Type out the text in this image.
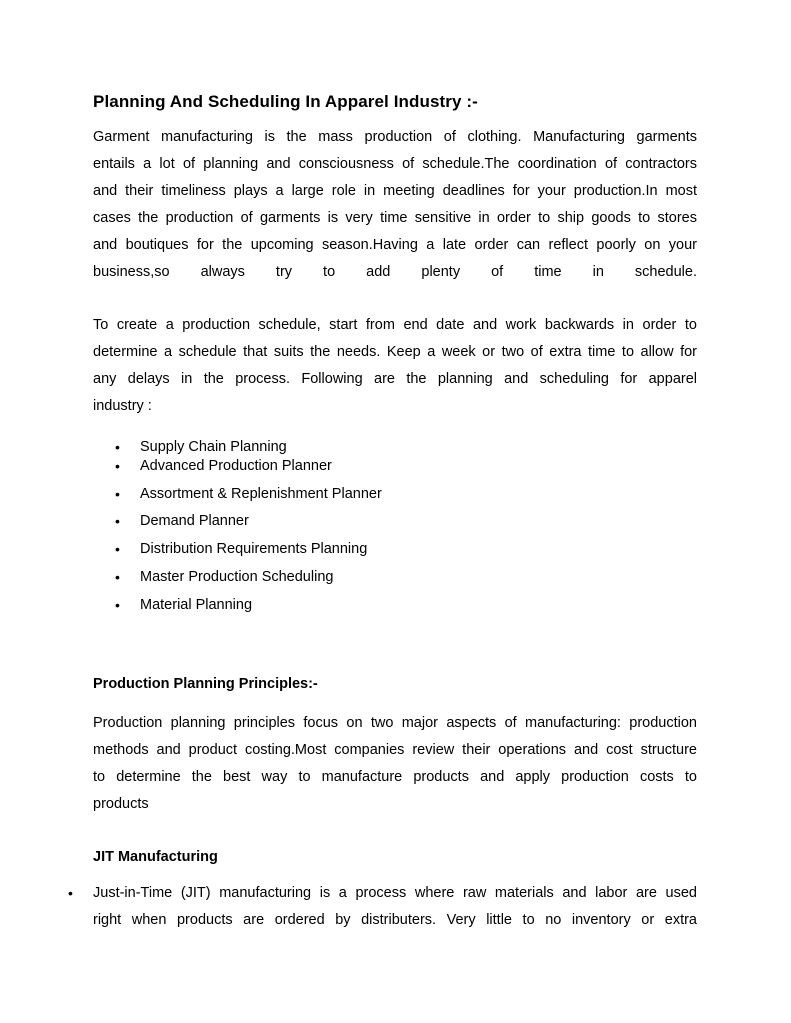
Planning And Scheduling In Apparel Industry :-
Garment manufacturing is the mass production of clothing. Manufacturing garments
entails a lot of planning and consciousness of schedule.The coordination of contractors
and their timeliness plays a large role in meeting deadlines for your production.In most
cases the production of garments is very time sensitive in order to ship goods to stores
and boutiques for the upcoming season.Having a late order can reflect poorly on your
business,so always try to add plenty of time in schedule.
To create a production schedule, start from end date and work backwards in order to
determine a schedule that suits the needs. Keep a week or two of extra time to allow for
any delays in the process. Following are the planning and scheduling for apparel
industry :
•	Supply Chain Planning
•	Advanced Production Planner
•	Assortment & Replenishment Planner
•	Demand Planner
•	Distribution Requirements Planning
•	Master Production Scheduling
•	Material Planning
Production Planning Principles:-
Production planning principles focus on two major aspects of manufacturing: production
methods and product costing.Most companies review their operations and cost structure
to determine the best way to manufacture products and apply production costs to
products
JIT Manufacturing
• Just-in-Time (JIT) manufacturing is a process where raw materials and labor are used
right when products are ordered by distributers. Very little to no inventory or extra
